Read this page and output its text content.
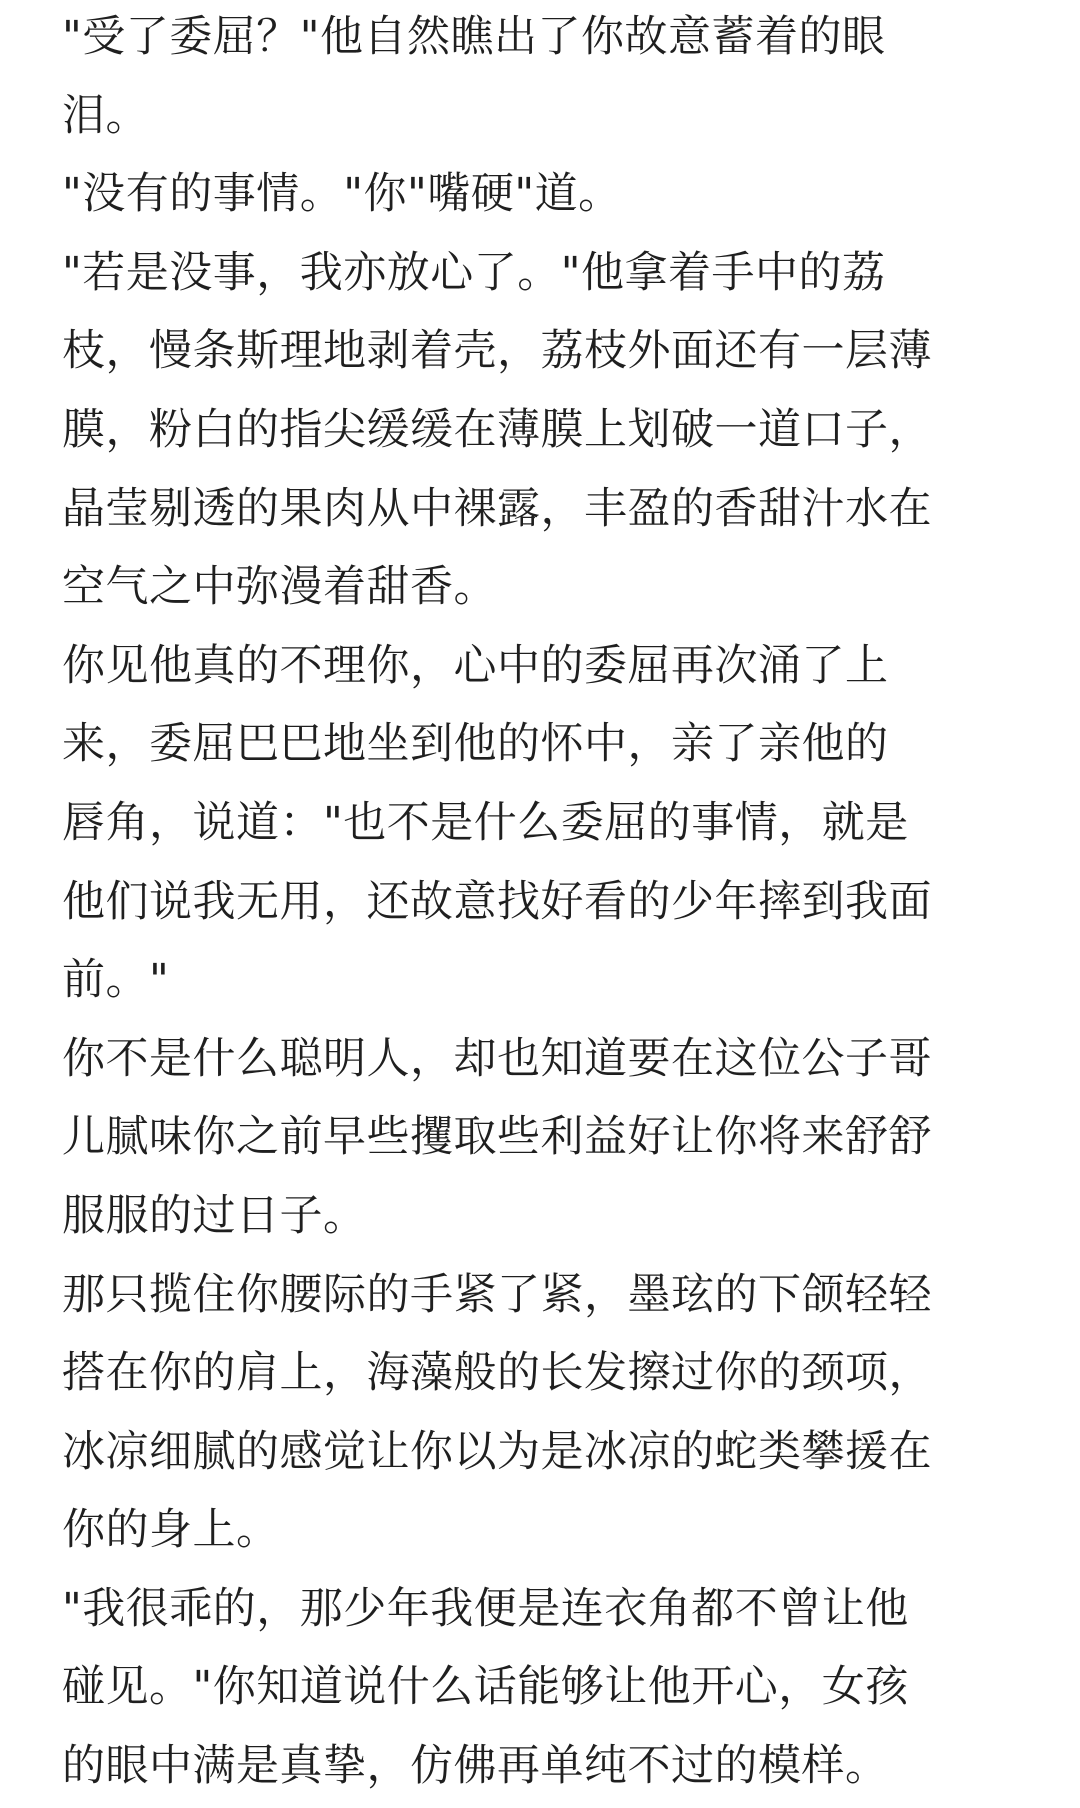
"受了委屈？"他自然瞧出了你故意蓄着的眼
泪。
"没有的事情。"你"嘴硬"道。
"若是没事，我亦放心了。"他拿着手中的荔
枝，慢条斯理地剥着壳，荔枝外面还有一层薄
膜，粉白的指尖缓缓在薄膜上划破一道口子，
晶莹剔透的果肉从中裸露，丰盈的香甜汁水在
空气之中弥漫着甜香。
你见他真的不理你，心中的委屈再次涌了上
来，委屈巴巴地坐到他的怀中，亲了亲他的
唇角，说道："也不是什么委屈的事情，就是
他们说我无用，还故意找好看的少年摔到我面
前。"
你不是什么聪明人，却也知道要在这位公子哥
儿腻味你之前早些攫取些利益好让你将来舒舒
服服的过日子。
那只揽住你腰际的手紧了紧，墨玹的下颌轻轻
搭在你的肩上，海藻般的长发擦过你的颈项，
冰凉细腻的感觉让你以为是冰凉的蛇类攀援在
你的身上。
"我很乖的，那少年我便是连衣角都不曾让他
碰见。"你知道说什么话能够让他开心，女孩
的眼中满是真挚，仿佛再单纯不过的模样。
